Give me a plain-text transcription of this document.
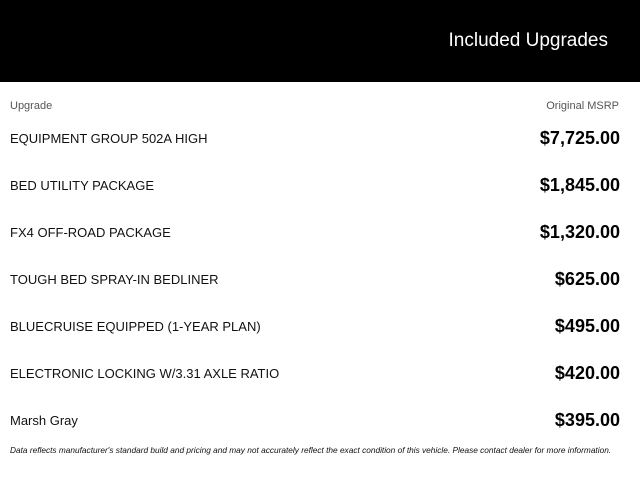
Included Upgrades
Upgrade	Original MSRP
EQUIPMENT GROUP 502A HIGH	$7,725.00
BED UTILITY PACKAGE	$1,845.00
FX4 OFF-ROAD PACKAGE	$1,320.00
TOUGH BED SPRAY-IN BEDLINER	$625.00
BLUECRUISE EQUIPPED (1-YEAR PLAN)	$495.00
ELECTRONIC LOCKING W/3.31 AXLE RATIO	$420.00
Marsh Gray	$395.00
Data reflects manufacturer's standard build and pricing and may not accurately reflect the exact condition of this vehicle. Please contact dealer for more information.
